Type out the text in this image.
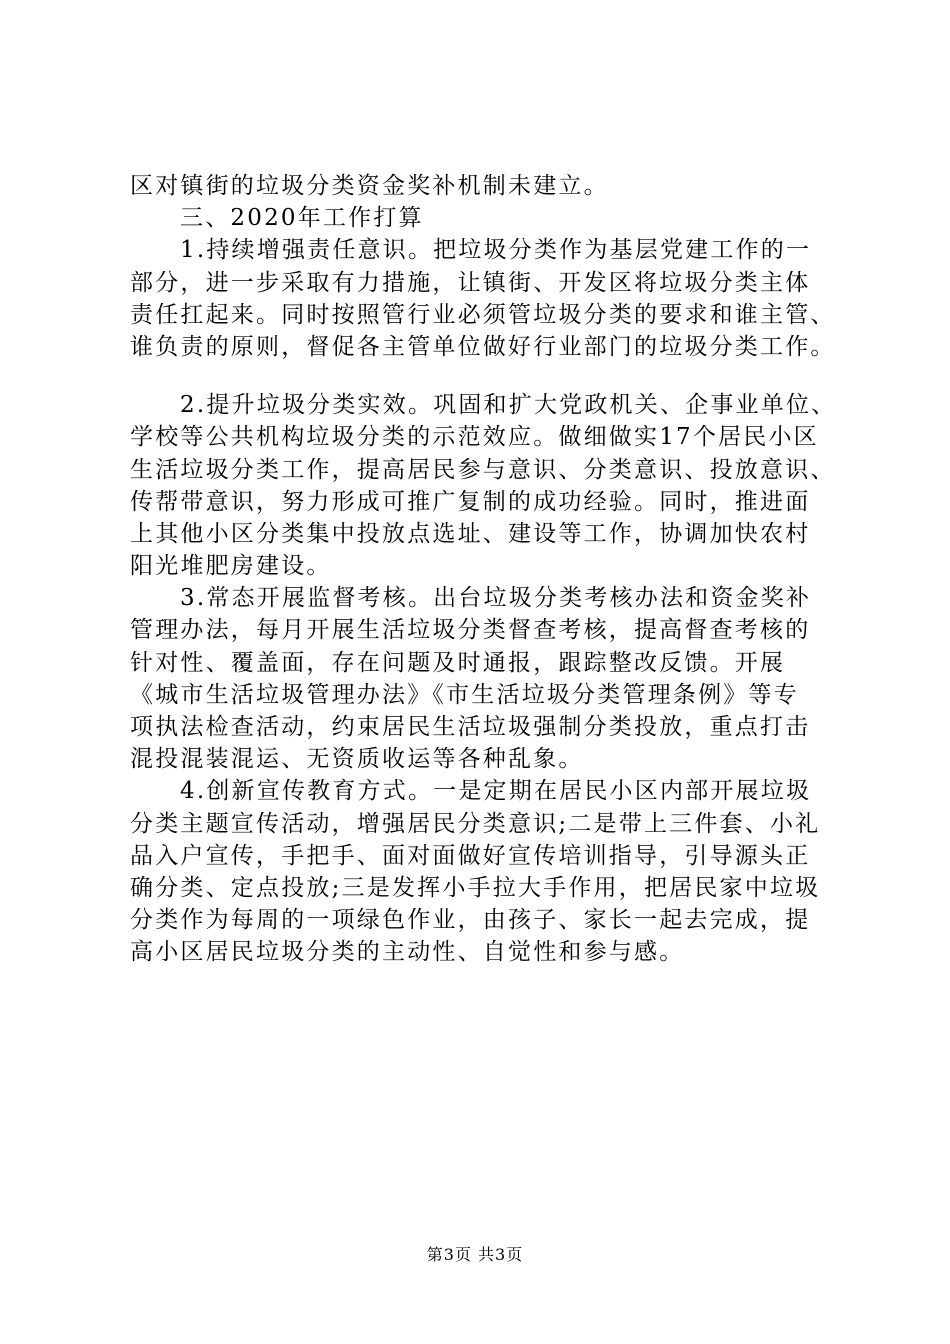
区对镇街的垃圾分类资金奖补机制未建立。
三、2020年工作打算
1.持续增强责任意识。把垃圾分类作为基层党建工作的一
部分，进一步采取有力措施，让镇街、开发区将垃圾分类主体
责任扛起来。同时按照管行业必须管垃圾分类的要求和谁主管、
谁负责的原则，督促各主管单位做好行业部门的垃圾分类工作。
2.提升垃圾分类实效。巩固和扩大党政机关、企事业单位、
学校等公共机构垃圾分类的示范效应。做细做实17个居民小区
生活垃圾分类工作，提高居民参与意识、分类意识、投放意识、
传帮带意识，努力形成可推广复制的成功经验。同时，推进面
上其他小区分类集中投放点选址、建设等工作，协调加快农村
阳光堆肥房建设。
3.常态开展监督考核。出台垃圾分类考核办法和资金奖补
管理办法，每月开展生活垃圾分类督查考核，提高督查考核的
针对性、覆盖面，存在问题及时通报，跟踪整改反馈。开展
《城市生活垃圾管理办法》《市生活垃圾分类管理条例》等专
项执法检查活动，约束居民生活垃圾强制分类投放，重点打击
混投混装混运、无资质收运等各种乱象。
4.创新宣传教育方式。一是定期在居民小区内部开展垃圾
分类主题宣传活动，增强居民分类意识;二是带上三件套、小礼
品入户宣传，手把手、面对面做好宣传培训指导，引导源头正
确分类、定点投放;三是发挥小手拉大手作用，把居民家中垃圾
分类作为每周的一项绿色作业，由孩子、家长一起去完成，提
高小区居民垃圾分类的主动性、自觉性和参与感。
第3页 共3页
